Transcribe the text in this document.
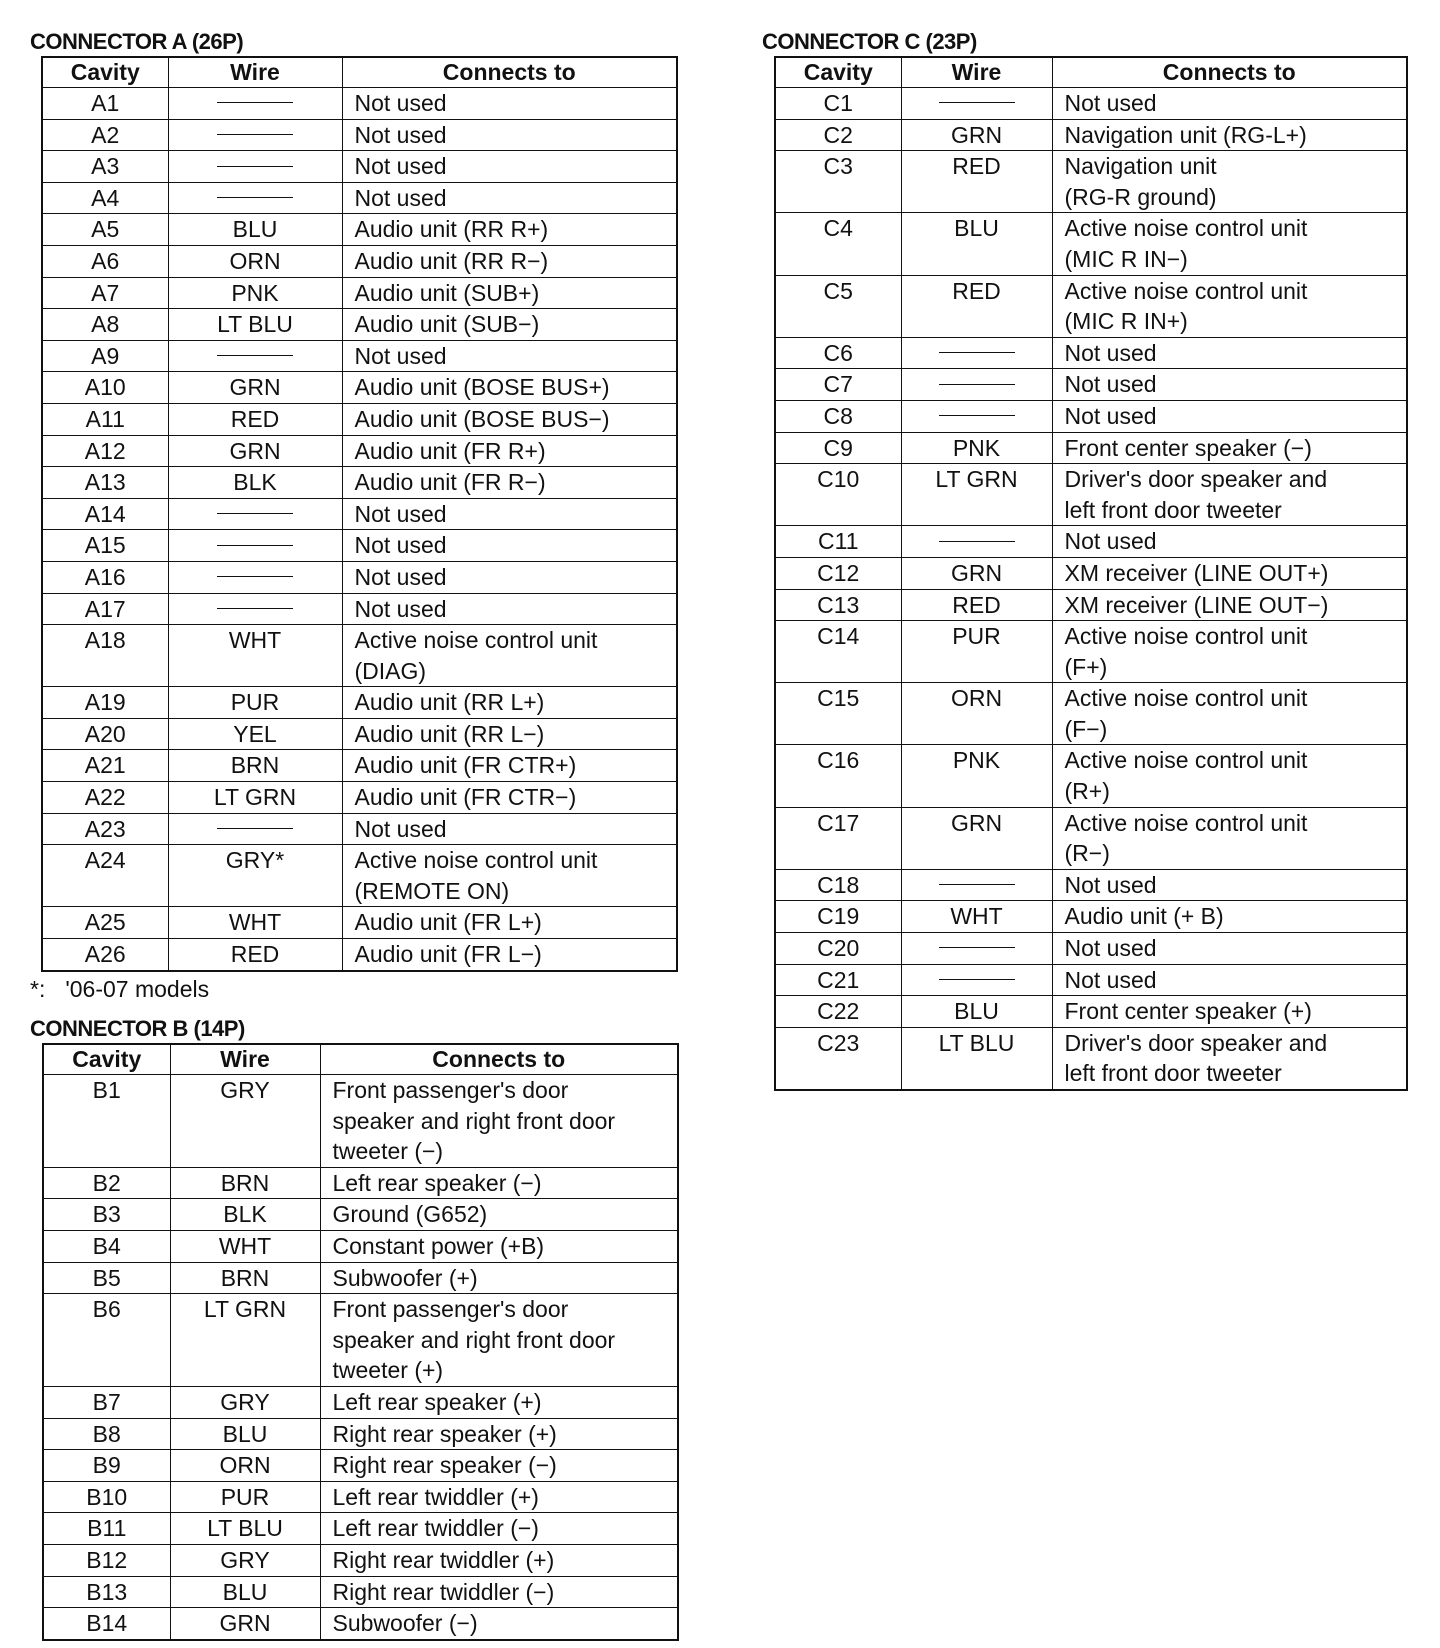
CONNECTOR A (26P)
Cavity	Wire	Connects to
A1		Not used

A2		Not used

A3		Not used

A4		Not used

A5	BLU	Audio unit (RR R+)

A6	ORN	Audio unit (RR R−)

A7	PNK	Audio unit (SUB+)

A8	LT BLU	Audio unit (SUB−)

A9		Not used

A10	GRN	Audio unit (BOSE BUS+)

A11	RED	Audio unit (BOSE BUS−)

A12	GRN	Audio unit (FR R+)

A13	BLK	Audio unit (FR R−)

A14		Not used

A15		Not used

A16		Not used

A17		Not used

A18	WHT	Active noise control unit
(DIAG)

A19	PUR	Audio unit (RR L+)

A20	YEL	Audio unit (RR L−)

A21	BRN	Audio unit (FR CTR+)

A22	LT GRN	Audio unit (FR CTR−)

A23		Not used

A24	GRY*	Active noise control unit
(REMOTE ON)

A25	WHT	Audio unit (FR L+)

A26	RED	Audio unit (FR L−)
*: '06-07 models
CONNECTOR B (14P)
Cavity	Wire	Connects to
B1	GRY	Front passenger's door
speaker and right front door
tweeter (−)

B2	BRN	Left rear speaker (−)

B3	BLK	Ground (G652)

B4	WHT	Constant power (+B)

B5	BRN	Subwoofer (+)

B6	LT GRN	Front passenger's door
speaker and right front door
tweeter (+)

B7	GRY	Left rear speaker (+)

B8	BLU	Right rear speaker (+)

B9	ORN	Right rear speaker (−)

B10	PUR	Left rear twiddler (+)

B11	LT BLU	Left rear twiddler (−)

B12	GRY	Right rear twiddler (+)

B13	BLU	Right rear twiddler (−)

B14	GRN	Subwoofer (−)
CONNECTOR C (23P)
Cavity	Wire	Connects to
C1		Not used

C2	GRN	Navigation unit (RG-L+)

C3	RED	Navigation unit
(RG-R ground)

C4	BLU	Active noise control unit
(MIC R IN−)

C5	RED	Active noise control unit
(MIC R IN+)

C6		Not used

C7		Not used

C8		Not used

C9	PNK	Front center speaker (−)

C10	LT GRN	Driver's door speaker and
left front door tweeter

C11		Not used

C12	GRN	XM receiver (LINE OUT+)

C13	RED	XM receiver (LINE OUT−)

C14	PUR	Active noise control unit
(F+)

C15	ORN	Active noise control unit
(F−)

C16	PNK	Active noise control unit
(R+)

C17	GRN	Active noise control unit
(R−)

C18		Not used

C19	WHT	Audio unit (+ B)

C20		Not used

C21		Not used

C22	BLU	Front center speaker (+)

C23	LT BLU	Driver's door speaker and
left front door tweeter
